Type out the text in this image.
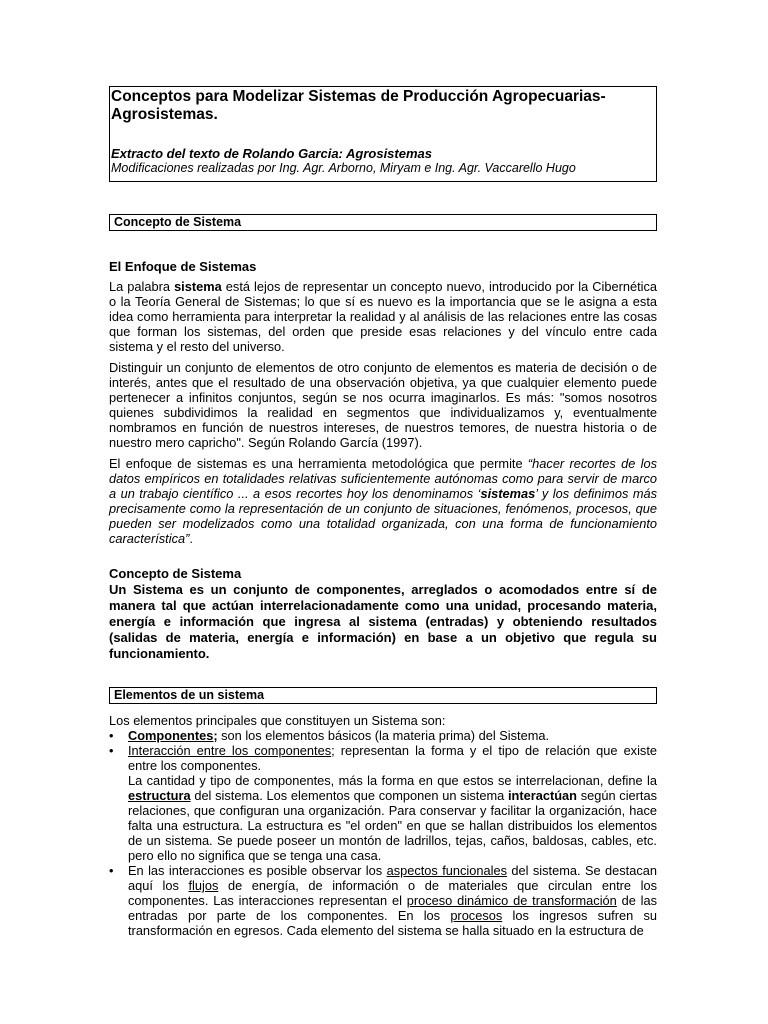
Conceptos para Modelizar Sistemas de Producción Agropecuarias- Agrosistemas.

Extracto del texto de Rolando Garcia: Agrosistemas

Modificaciones realizadas por Ing. Agr. Arborno, Miryam e Ing. Agr. Vaccarello Hugo

Concepto de Sistema
El Enfoque de Sistemas

La palabra sistema está lejos de representar un concepto nuevo, introducido por la Cibernética o la Teoría General de Sistemas; lo que sí es nuevo es la importancia que se le asigna a esta idea como herramienta para interpretar la realidad y al análisis de las relaciones entre las cosas que forman los sistemas, del orden que preside esas relaciones y del vínculo entre cada sistema y el resto del universo.

Distinguir un conjunto de elementos de otro conjunto de elementos es materia de decisión o de interés, antes que el resultado de una observación objetiva, ya que cualquier elemento puede pertenecer a infinitos conjuntos, según se nos ocurra imaginarlos. Es más: "somos nosotros quienes subdividimos la realidad en segmentos que individualizamos y, eventualmente nombramos en función de nuestros intereses, de nuestros temores, de nuestra historia o de nuestro mero capricho". Según Rolando García (1997).

El enfoque de sistemas es una herramienta metodológica que permite “hacer recortes de los datos empíricos en totalidades relativas suficientemente autónomas como para servir de marco a un trabajo científico ... a esos recortes hoy los denominamos ‘sistemas’ y los definimos más precisamente como la representación de un conjunto de situaciones, fenómenos, procesos, que pueden ser modelizados como una totalidad organizada, con una forma de funcionamiento característica”.

Concepto de Sistema

Un Sistema es un conjunto de componentes, arreglados o acomodados entre sí de manera tal que actúan interrelacionadamente como una unidad, procesando materia, energía e información que ingresa al sistema (entradas) y obteniendo resultados (salidas de materia, energía e información) en base a un objetivo que regula su funcionamiento.

Elementos de un sistema

Los elementos principales que constituyen un Sistema son:

• Componentes; son los elementos básicos (la materia prima) del Sistema.
• Interacción entre los componentes; representan la forma y el tipo de relación que existe entre los componentes.

La cantidad y tipo de componentes, más la forma en que estos se interrelacionan, define la estructura del sistema. Los elementos que componen un sistema interactúan según ciertas relaciones, que configuran una organización. Para conservar y facilitar la organización, hace falta una estructura. La estructura es "el orden" en que se hallan distribuidos los elementos de un sistema. Se puede poseer un montón de ladrillos, tejas, caños, baldosas, cables, etc. pero ello no significa que se tenga una casa.

• En las interacciones es posible observar los aspectos funcionales del sistema. Se destacan aquí los flujos de energía, de información o de materiales que circulan entre los componentes. Las interacciones representan el proceso dinámico de transformación de las entradas por parte de los componentes. En los procesos los ingresos sufren su transformación en egresos. Cada elemento del sistema se halla situado en la estructura de
